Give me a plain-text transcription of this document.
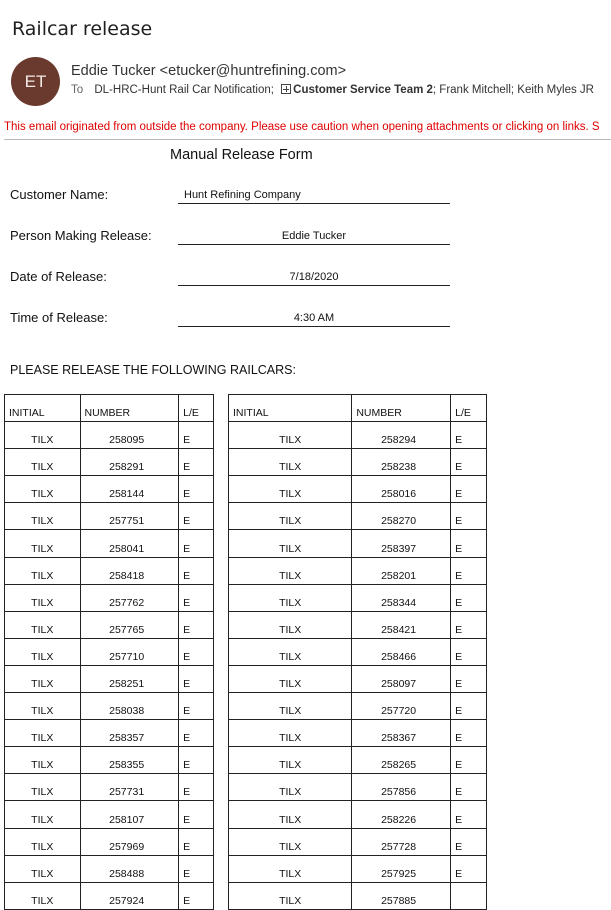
Railcar release
ET
Eddie Tucker <etucker@huntrefining.com>
To DL-HRC-Hunt Rail Car Notification; Customer Service Team 2; Frank Mitchell; Keith Myles JR
This email originated from outside the company. Please use caution when opening attachments or clicking on links. S
Manual Release Form
Customer Name:	Hunt Refining Company
Person Making Release:	Eddie Tucker
Date of Release:	7/18/2020
Time of Release:	4:30 AM
PLEASE RELEASE THE FOLLOWING RAILCARS:
INITIAL	NUMBER	L/E
TILX	258095	E
TILX	258291	E
TILX	258144	E
TILX	257751	E
TILX	258041	E
TILX	258418	E
TILX	257762	E
TILX	257765	E
TILX	257710	E
TILX	258251	E
TILX	258038	E
TILX	258357	E
TILX	258355	E
TILX	257731	E
TILX	258107	E
TILX	257969	E
TILX	258488	E
TILX	257924	E
INITIAL	NUMBER	L/E
TILX	258294	E
TILX	258238	E
TILX	258016	E
TILX	258270	E
TILX	258397	E
TILX	258201	E
TILX	258344	E
TILX	258421	E
TILX	258466	E
TILX	258097	E
TILX	257720	E
TILX	258367	E
TILX	258265	E
TILX	257856	E
TILX	258226	E
TILX	257728	E
TILX	257925	E
TILX	257885	
